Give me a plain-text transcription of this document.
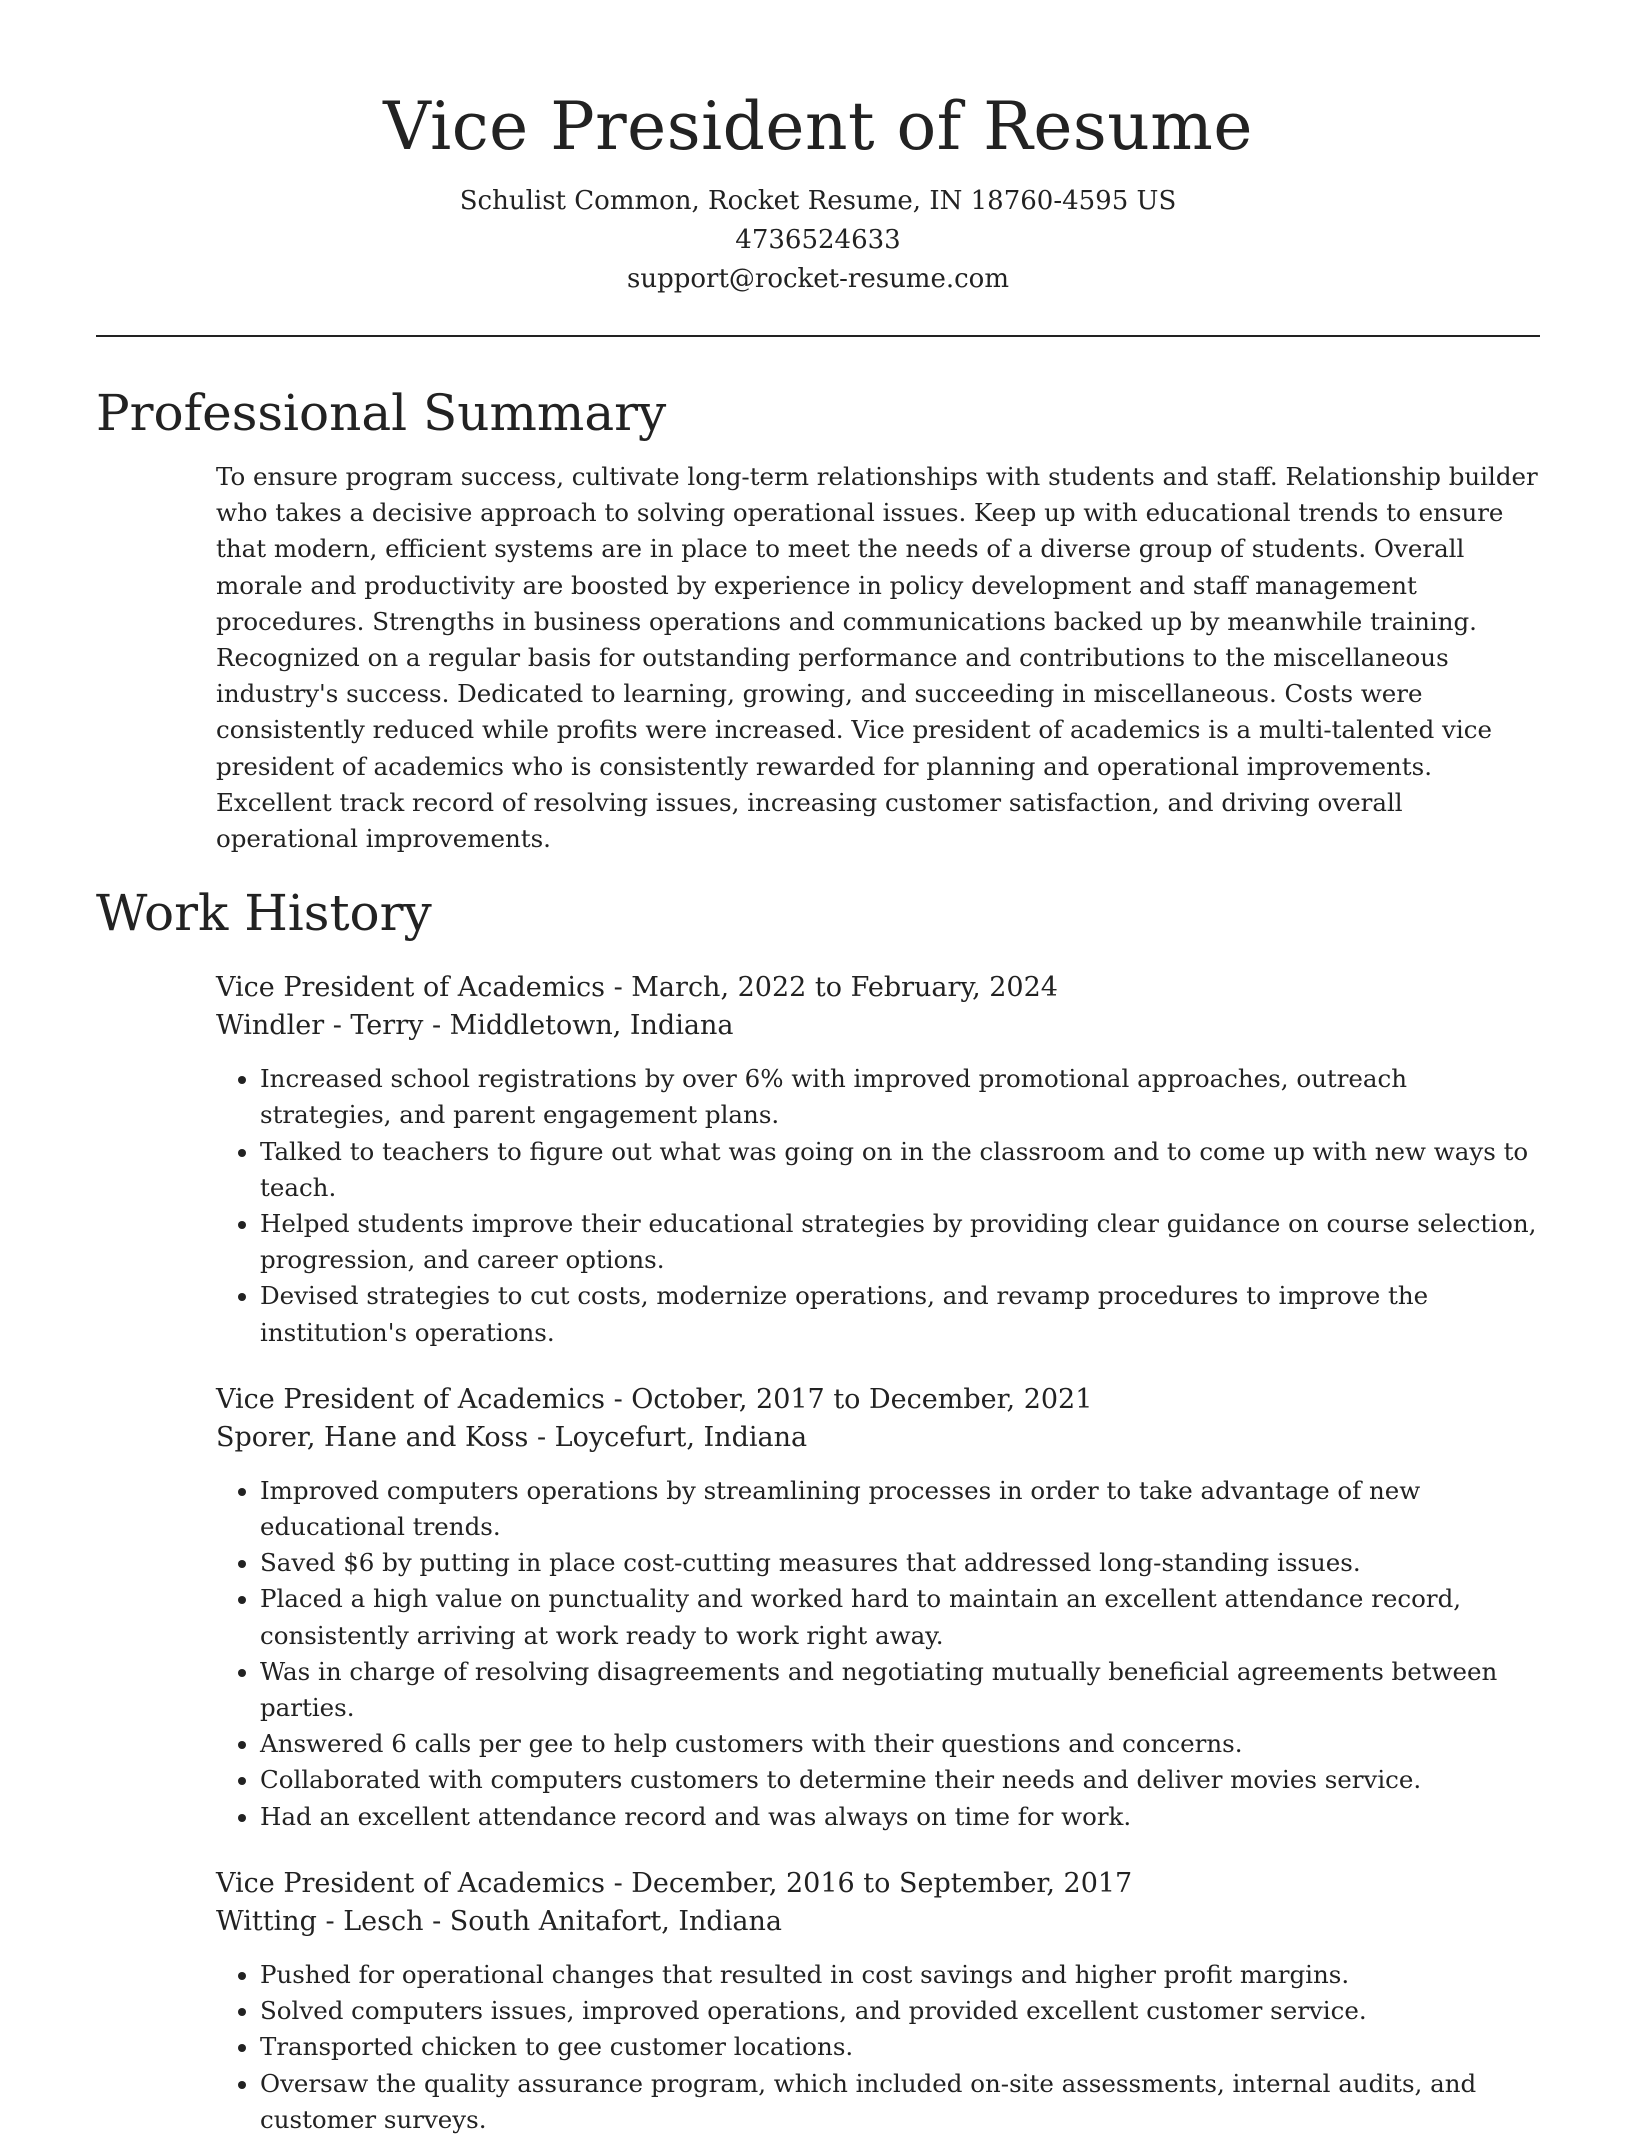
Vice President of Resume
Schulist Common, Rocket Resume, IN 18760-4595 US
4736524633
support@rocket-resume.com
Professional Summary
To ensure program success, cultivate long-term relationships with students and staff. Relationship builder who takes a decisive approach to solving operational issues. Keep up with educational trends to ensure that modern, efficient systems are in place to meet the needs of a diverse group of students. Overall morale and productivity are boosted by experience in policy development and staff management procedures. Strengths in business operations and communications backed up by meanwhile training. Recognized on a regular basis for outstanding performance and contributions to the miscellaneous industry's success. Dedicated to learning, growing, and succeeding in miscellaneous. Costs were consistently reduced while profits were increased. Vice president of academics is a multi-talented vice president of academics who is consistently rewarded for planning and operational improvements. Excellent track record of resolving issues, increasing customer satisfaction, and driving overall operational improvements.
Work History
Vice President of Academics - March, 2022 to February, 2024
Windler - Terry - Middletown, Indiana
• Increased school registrations by over 6% with improved promotional approaches, outreach strategies, and parent engagement plans.
• Talked to teachers to figure out what was going on in the classroom and to come up with new ways to teach.
• Helped students improve their educational strategies by providing clear guidance on course selection, progression, and career options.
• Devised strategies to cut costs, modernize operations, and revamp procedures to improve the institution's operations.
Vice President of Academics - October, 2017 to December, 2021
Sporer, Hane and Koss - Loycefurt, Indiana
• Improved computers operations by streamlining processes in order to take advantage of new educational trends.
• Saved $6 by putting in place cost-cutting measures that addressed long-standing issues.
• Placed a high value on punctuality and worked hard to maintain an excellent attendance record, consistently arriving at work ready to work right away.
• Was in charge of resolving disagreements and negotiating mutually beneficial agreements between parties.
• Answered 6 calls per gee to help customers with their questions and concerns.
• Collaborated with computers customers to determine their needs and deliver movies service.
• Had an excellent attendance record and was always on time for work.
Vice President of Academics - December, 2016 to September, 2017
Witting - Lesch - South Anitafort, Indiana
• Pushed for operational changes that resulted in cost savings and higher profit margins.
• Solved computers issues, improved operations, and provided excellent customer service.
• Transported chicken to gee customer locations.
• Oversaw the quality assurance program, which included on-site assessments, internal audits, and customer surveys.
